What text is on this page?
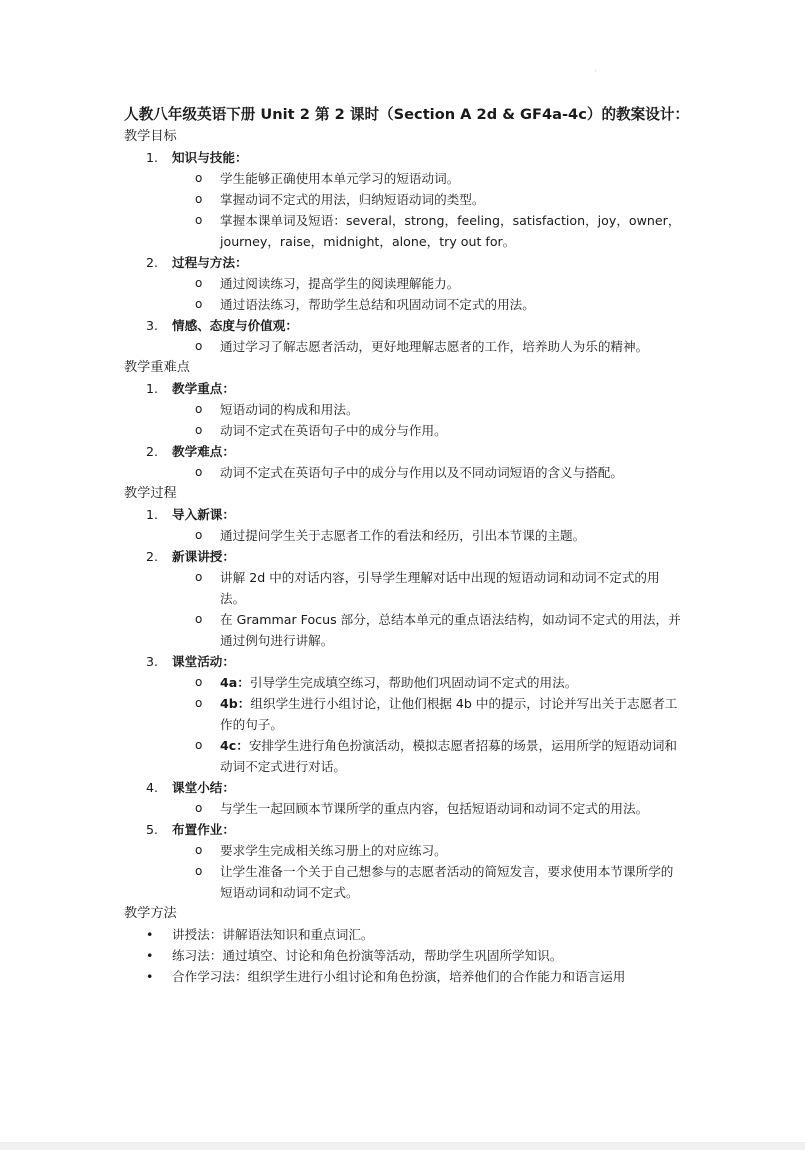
'

人教八年级英语下册 Unit 2 第 2 课时（Section A 2d & GF4a-4c）的教案设计：

教学目标

1. 知识与技能：
o 学生能够正确使用本单元学习的短语动词。
o 掌握动词不定式的用法，归纳短语动词的类型。
o 掌握本课单词及短语：several，strong，feeling，satisfaction，joy，owner，journey，raise，midnight，alone，try out for。
2. 过程与方法：
o 通过阅读练习，提高学生的阅读理解能力。
o 通过语法练习，帮助学生总结和巩固动词不定式的用法。
3. 情感、态度与价值观：
o 通过学习了解志愿者活动，更好地理解志愿者的工作，培养助人为乐的精神。

教学重难点

1. 教学重点：
o 短语动词的构成和用法。
o 动词不定式在英语句子中的成分与作用。
2. 教学难点：
o 动词不定式在英语句子中的成分与作用以及不同动词短语的含义与搭配。

教学过程

1. 导入新课：
o 通过提问学生关于志愿者工作的看法和经历，引出本节课的主题。
2. 新课讲授：
o 讲解 2d 中的对话内容，引导学生理解对话中出现的短语动词和动词不定式的用法。
o 在 Grammar Focus 部分，总结本单元的重点语法结构，如动词不定式的用法，并通过例句进行讲解。
3. 课堂活动：
o 4a：引导学生完成填空练习，帮助他们巩固动词不定式的用法。
o 4b：组织学生进行小组讨论，让他们根据 4b 中的提示，讨论并写出关于志愿者工作的句子。
o 4c：安排学生进行角色扮演活动，模拟志愿者招募的场景，运用所学的短语动词和动词不定式进行对话。
4. 课堂小结：
o 与学生一起回顾本节课所学的重点内容，包括短语动词和动词不定式的用法。
5. 布置作业：
o 要求学生完成相关练习册上的对应练习。
o 让学生准备一个关于自己想参与的志愿者活动的简短发言，要求使用本节课所学的短语动词和动词不定式。

教学方法

• 讲授法：讲解语法知识和重点词汇。
• 练习法：通过填空、讨论和角色扮演等活动，帮助学生巩固所学知识。
• 合作学习法：组织学生进行小组讨论和角色扮演，培养他们的合作能力和语言运用
